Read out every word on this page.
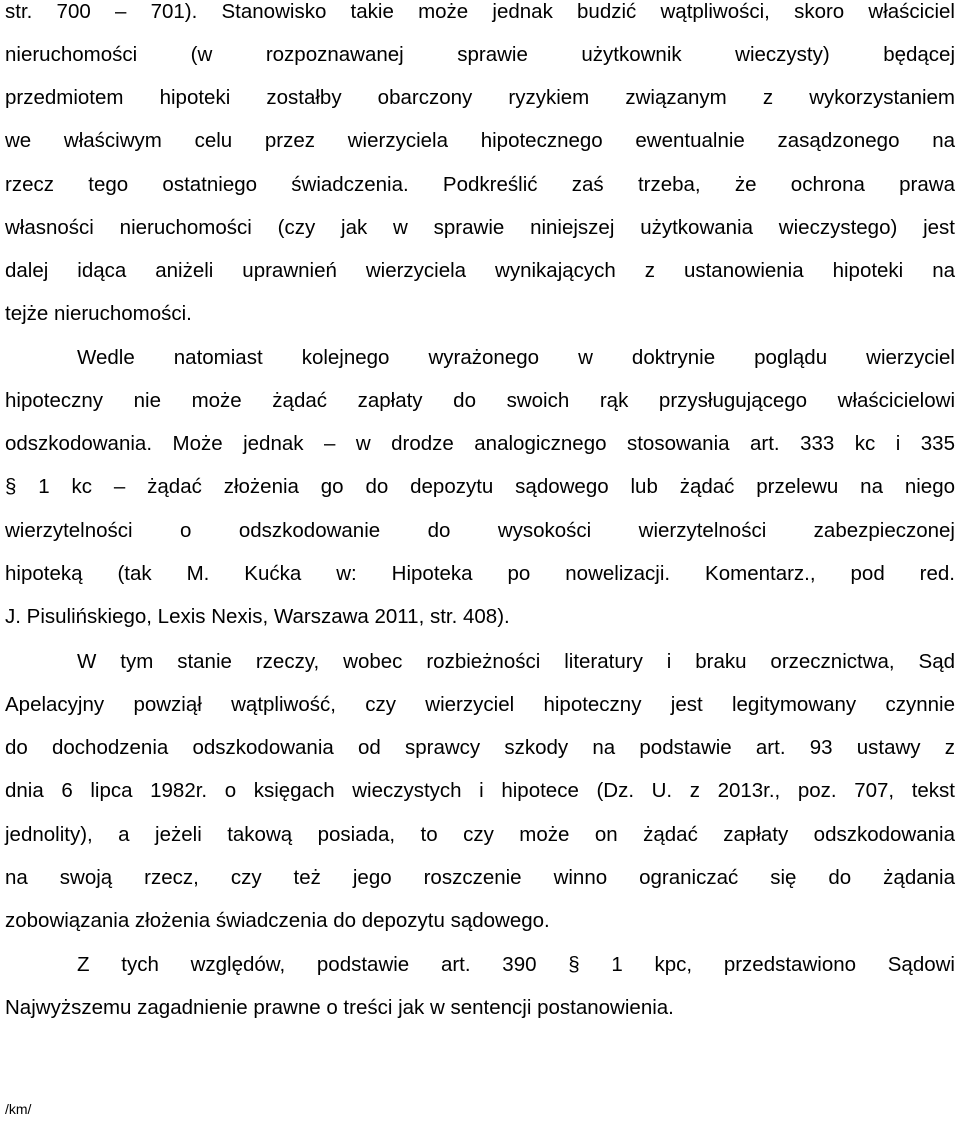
str. 700 – 701). Stanowisko takie może jednak budzić wątpliwości, skoro właściciel
nieruchomości (w rozpoznawanej sprawie użytkownik wieczysty) będącej
przedmiotem hipoteki zostałby obarczony ryzykiem związanym z wykorzystaniem
we właściwym celu przez wierzyciela hipotecznego ewentualnie zasądzonego na
rzecz tego ostatniego świadczenia. Podkreślić zaś trzeba, że ochrona prawa
własności nieruchomości (czy jak w sprawie niniejszej użytkowania wieczystego) jest
dalej idąca aniżeli uprawnień wierzyciela wynikających z ustanowienia hipoteki na
tejże nieruchomości.
Wedle natomiast kolejnego wyrażonego w doktrynie poglądu wierzyciel
hipoteczny nie może żądać zapłaty do swoich rąk przysługującego właścicielowi
odszkodowania. Może jednak – w drodze analogicznego stosowania art. 333 kc i 335
§ 1 kc – żądać złożenia go do depozytu sądowego lub żądać przelewu na niego
wierzytelności o odszkodowanie do wysokości wierzytelności zabezpieczonej
hipoteką (tak M. Kućka w: Hipoteka po nowelizacji. Komentarz., pod red.
J. Pisulińskiego, Lexis Nexis, Warszawa 2011, str. 408).
W tym stanie rzeczy, wobec rozbieżności literatury i braku orzecznictwa, Sąd
Apelacyjny powziął wątpliwość, czy wierzyciel hipoteczny jest legitymowany czynnie
do dochodzenia odszkodowania od sprawcy szkody na podstawie art. 93 ustawy z
dnia 6 lipca 1982r. o księgach wieczystych i hipotece (Dz. U. z 2013r., poz. 707, tekst
jednolity), a jeżeli takową posiada, to czy może on żądać zapłaty odszkodowania
na swoją rzecz, czy też jego roszczenie winno ograniczać się do żądania
zobowiązania złożenia świadczenia do depozytu sądowego.
Z tych względów, podstawie art. 390 § 1 kpc, przedstawiono Sądowi
Najwyższemu zagadnienie prawne o treści jak w sentencji postanowienia.
/km/
